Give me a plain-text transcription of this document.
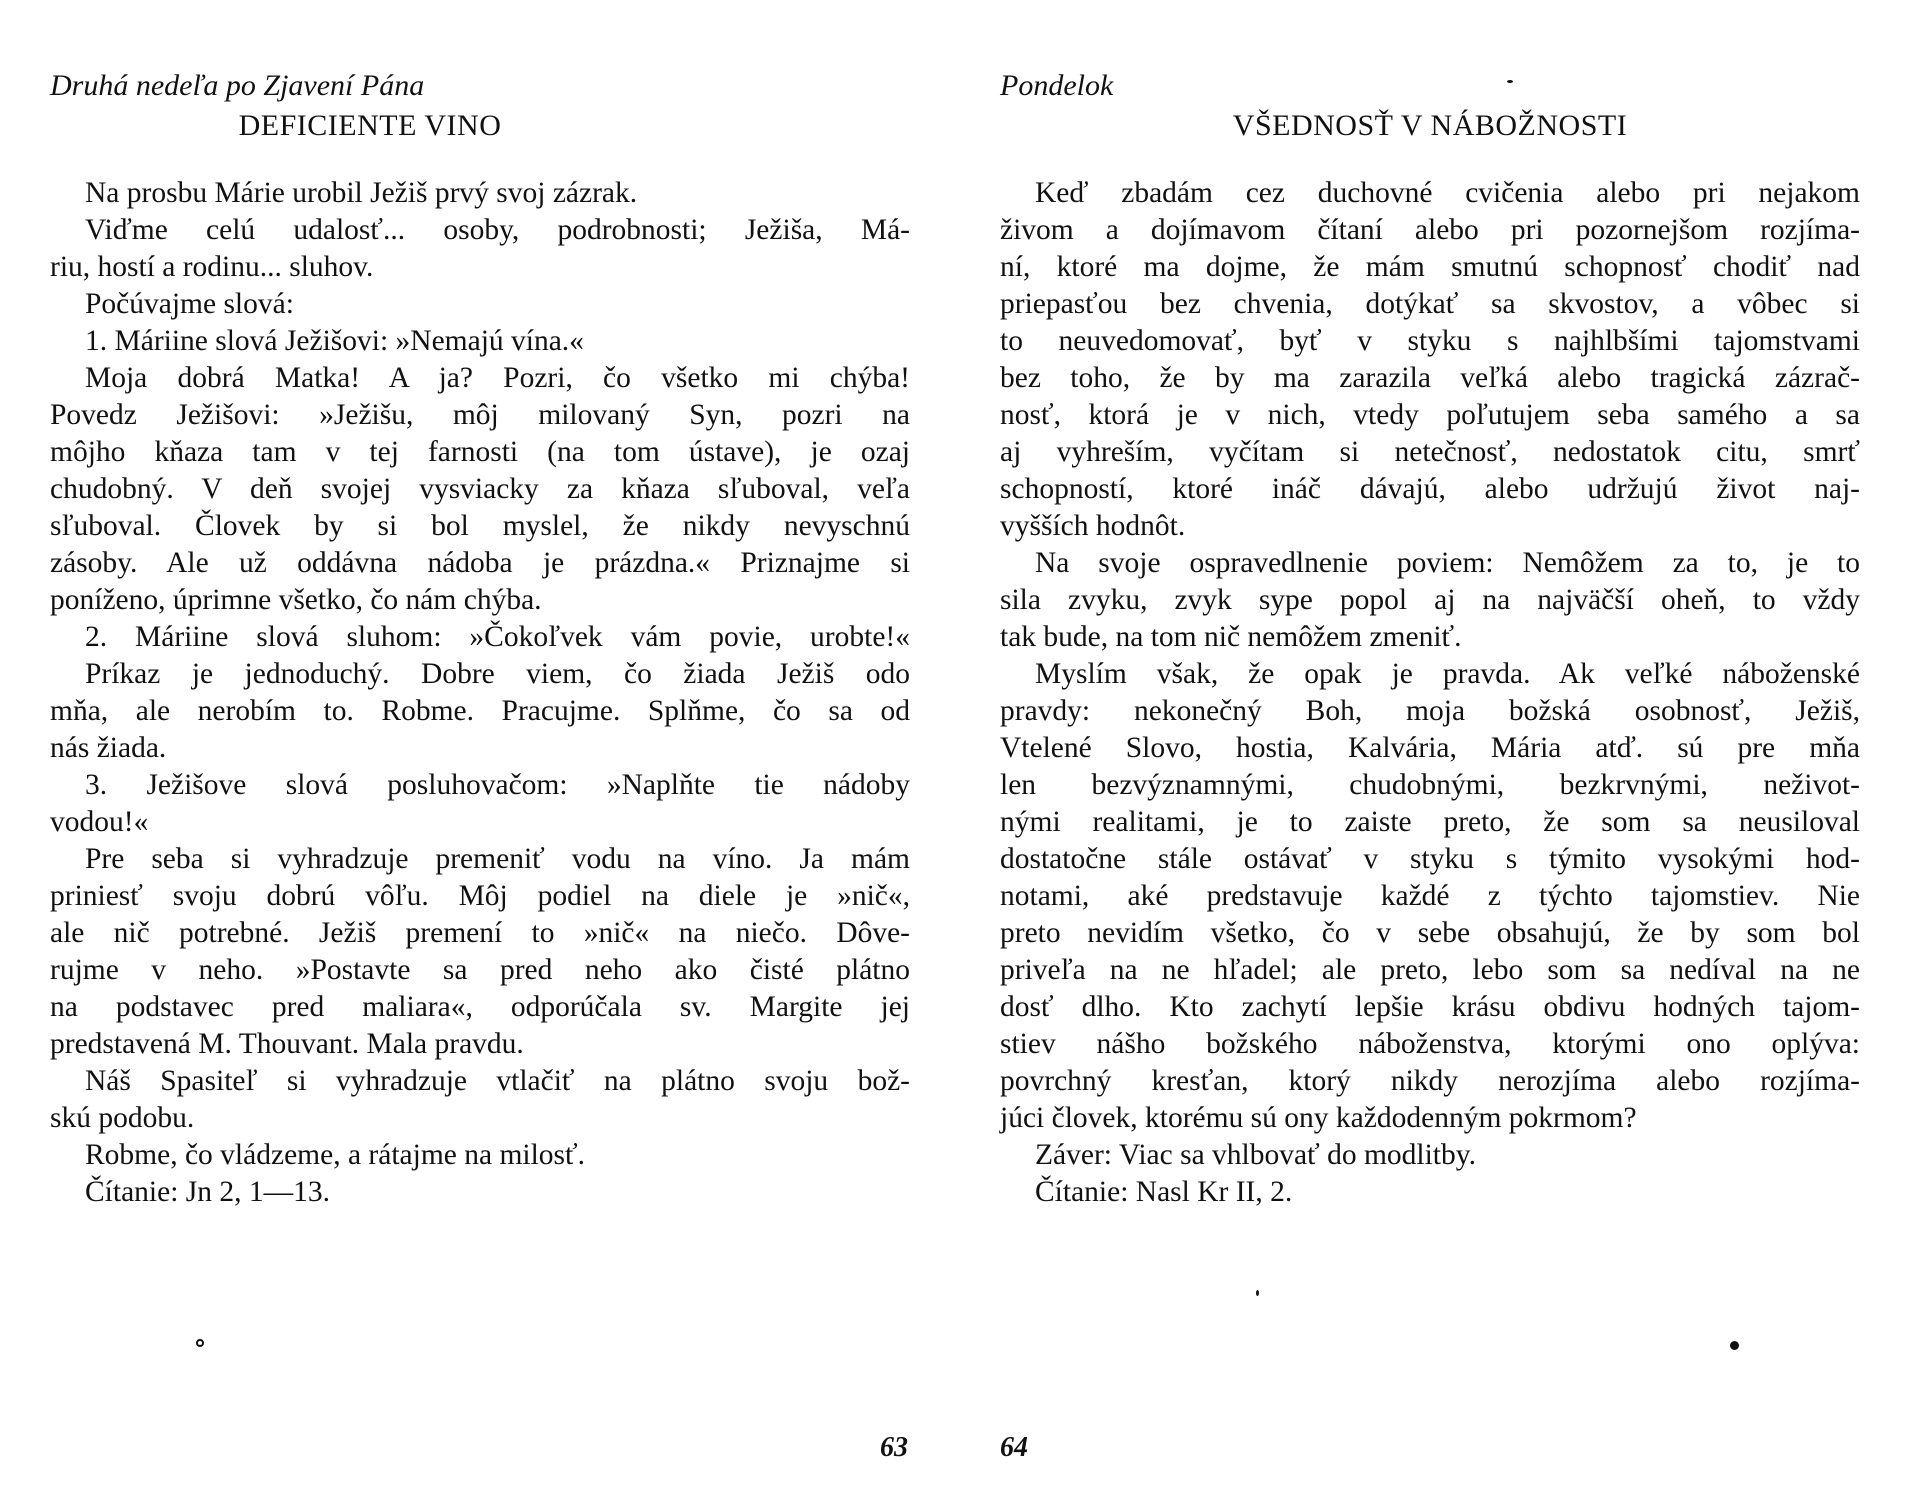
Druhá nedeľa po Zjavení Pána
DEFICIENTE VINO
Na prosbu Márie urobil Ježiš prvý svoj zázrak.
Viďme celú udalosť... osoby, podrobnosti; Ježiša, Má-
riu, hostí a rodinu... sluhov.
Počúvajme slová:
1. Máriine slová Ježišovi: »Nemajú vína.«
Moja dobrá Matka! A ja? Pozri, čo všetko mi chýba!
Povedz Ježišovi: »Ježišu, môj milovaný Syn, pozri na
môjho kňaza tam v tej farnosti (na tom ústave), je ozaj
chudobný. V deň svojej vysviacky za kňaza sľuboval, veľa
sľuboval. Človek by si bol myslel, že nikdy nevyschnú
zásoby. Ale už oddávna nádoba je prázdna.« Priznajme si
poníženo, úprimne všetko, čo nám chýba.
2. Máriine slová sluhom: »Čokoľvek vám povie, urobte!«
Príkaz je jednoduchý. Dobre viem, čo žiada Ježiš odo
mňa, ale nerobím to. Robme. Pracujme. Splňme, čo sa od
nás žiada.
3. Ježišove slová posluhovačom: »Naplňte tie nádoby
vodou!«
Pre seba si vyhradzuje premeniť vodu na víno. Ja mám
priniesť svoju dobrú vôľu. Môj podiel na diele je »nič«,
ale nič potrebné. Ježiš premení to »nič« na niečo. Dôve-
rujme v neho. »Postavte sa pred neho ako čisté plátno
na podstavec pred maliara«, odporúčala sv. Margite jej
predstavená M. Thouvant. Mala pravdu.
Náš Spasiteľ si vyhradzuje vtlačiť na plátno svoju bož-
skú podobu.
Robme, čo vládzeme, a rátajme na milosť.
Čítanie: Jn 2, 1—13.
63
Pondelok
VŠEDNOSŤ V NÁBOŽNOSTI
Keď zbadám cez duchovné cvičenia alebo pri nejakom
živom a dojímavom čítaní alebo pri pozornejšom rozjíma-
ní, ktoré ma dojme, že mám smutnú schopnosť chodiť nad
priepasťou bez chvenia, dotýkať sa skvostov, a vôbec si
to neuvedomovať, byť v styku s najhlbšími tajomstvami
bez toho, že by ma zarazila veľká alebo tragická zázrač-
nosť, ktorá je v nich, vtedy poľutujem seba samého a sa
aj vyhreším, vyčítam si netečnosť, nedostatok citu, smrť
schopností, ktoré ináč dávajú, alebo udržujú život naj-
vyšších hodnôt.
Na svoje ospravedlnenie poviem: Nemôžem za to, je to
sila zvyku, zvyk sype popol aj na najväčší oheň, to vždy
tak bude, na tom nič nemôžem zmeniť.
Myslím však, že opak je pravda. Ak veľké náboženské
pravdy: nekonečný Boh, moja božská osobnosť, Ježiš,
Vtelené Slovo, hostia, Kalvária, Mária atď. sú pre mňa
len bezvýznamnými, chudobnými, bezkrvnými, neživot-
nými realitami, je to zaiste preto, že som sa neusiloval
dostatočne stále ostávať v styku s týmito vysokými hod-
notami, aké predstavuje každé z týchto tajomstiev. Nie
preto nevidím všetko, čo v sebe obsahujú, že by som bol
priveľa na ne hľadel; ale preto, lebo som sa nedíval na ne
dosť dlho. Kto zachytí lepšie krásu obdivu hodných tajom-
stiev nášho božského náboženstva, ktorými ono oplýva:
povrchný kresťan, ktorý nikdy nerozjíma alebo rozjíma-
júci človek, ktorému sú ony každodenným pokrmom?
Záver: Viac sa vhlbovať do modlitby.
Čítanie: Nasl Kr II, 2.
64
